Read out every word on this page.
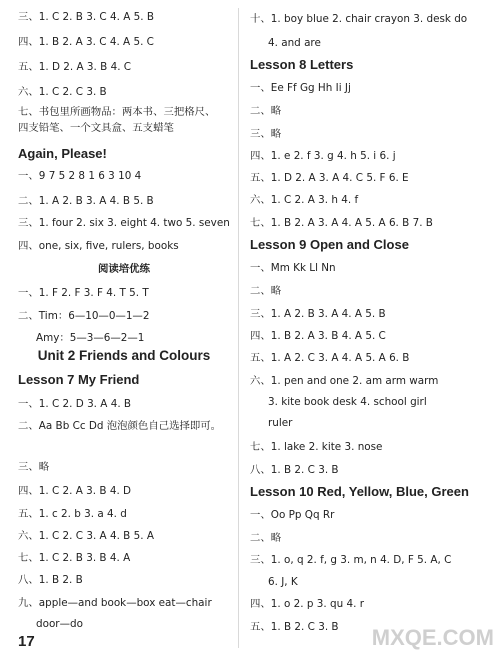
三、1. C 2. B 3. C 4. A 5. B
四、1. B 2. A 3. C 4. A 5. C
五、1. D 2. A 3. B 4. C
六、1. C 2. C 3. B
七、书包里所画物品：两本书、三把格尺、四支铅笔、一个文具盒、五支蜡笔
Again, Please!
一、9 7 5 2 8 1 6 3 10 4
二、1. A 2. B 3. A 4. B 5. B
三、1. four 2. six 3. eight 4. two 5. seven
四、one, six, five, rulers, books
阅读培优练
一、1. F 2. F 3. F 4. T 5. T
二、Tim：6—10—0—1—2
Amy：5—3—6—2—1
Unit 2 Friends and Colours
Lesson 7 My Friend
一、1. C 2. D 3. A 4. B
二、Aa Bb Cc Dd 泡泡颜色自己选择即可。
三、略
四、1. C 2. A 3. B 4. D
五、1. c 2. b 3. a 4. d
六、1. C 2. C 3. A 4. B 5. A
七、1. C 2. B 3. B 4. A
八、1. B 2. B
九、apple—and book—box eat—chair
door—do
17
十、1. boy blue 2. chair crayon 3. desk do
4. and are
Lesson 8 Letters
一、Ee Ff Gg Hh Ii Jj
二、略
三、略
四、1. e 2. f 3. g 4. h 5. i 6. j
五、1. D 2. A 3. A 4. C 5. F 6. E
六、1. C 2. A 3. h 4. f
七、1. B 2. A 3. A 4. A 5. A 6. B 7. B
Lesson 9 Open and Close
一、Mm Kk Ll Nn
二、略
三、1. A 2. B 3. A 4. A 5. B
四、1. B 2. A 3. B 4. A 5. C
五、1. A 2. C 3. A 4. A 5. A 6. B
六、1. pen and one 2. am arm warm
3. kite book desk 4. school girl
ruler
七、1. lake 2. kite 3. nose
八、1. B 2. C 3. B
Lesson 10 Red, Yellow, Blue, Green
一、Oo Pp Qq Rr
二、略
三、1. o, q 2. f, g 3. m, n 4. D, F 5. A, C
6. J, K
四、1. o 2. p 3. qu 4. r
五、1. B 2. C 3. B MXQE.COM
